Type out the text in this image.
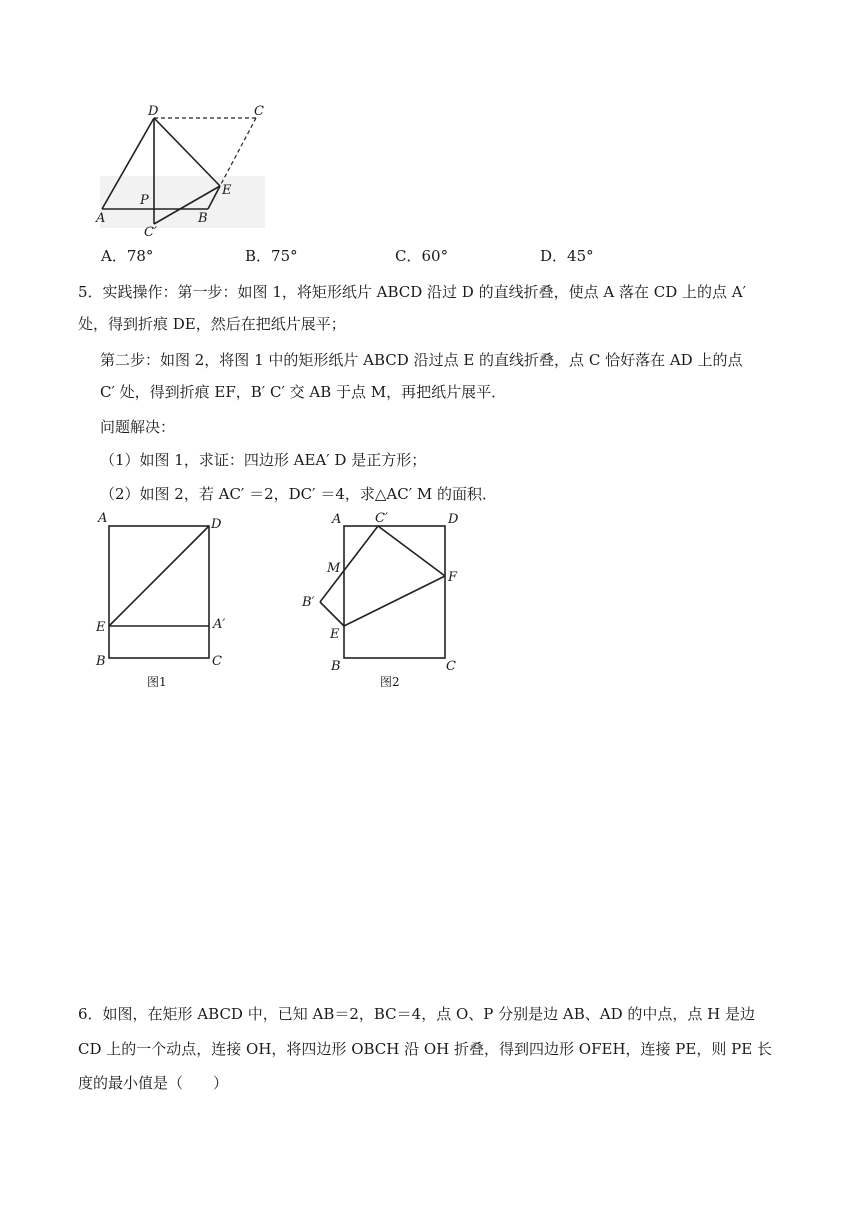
D	C
P
E
A	B
C′
A．78°	B．75°	C．60°	D．45°
5．实践操作：第一步：如图 1，将矩形纸片 ABCD 沿过 D 的直线折叠，使点 A 落在 CD 上的点 A′
处，得到折痕 DE，然后在把纸片展平；
第二步：如图 2，将图 1 中的矩形纸片 ABCD 沿过点 E 的直线折叠，点 C 恰好落在 AD 上的点
C′ 处，得到折痕 EF，B′ C′ 交 AB 于点 M，再把纸片展平．
问题解决：
（1）如图 1，求证：四边形 AEA′ D 是正方形；
（2）如图 2，若 AC′ ＝2，DC′ ＝4，求△AC′ M 的面积．
A	D
E	A′
B	C
图1
A	C′	D
M
F
B′
E
B	C
图2
6．如图，在矩形 ABCD 中，已知 AB＝2，BC＝4，点 O、P 分别是边 AB、AD 的中点，点 H 是边
CD 上的一个动点，连接 OH，将四边形 OBCH 沿 OH 折叠，得到四边形 OFEH，连接 PE，则 PE 长
度的最小值是（　　）
